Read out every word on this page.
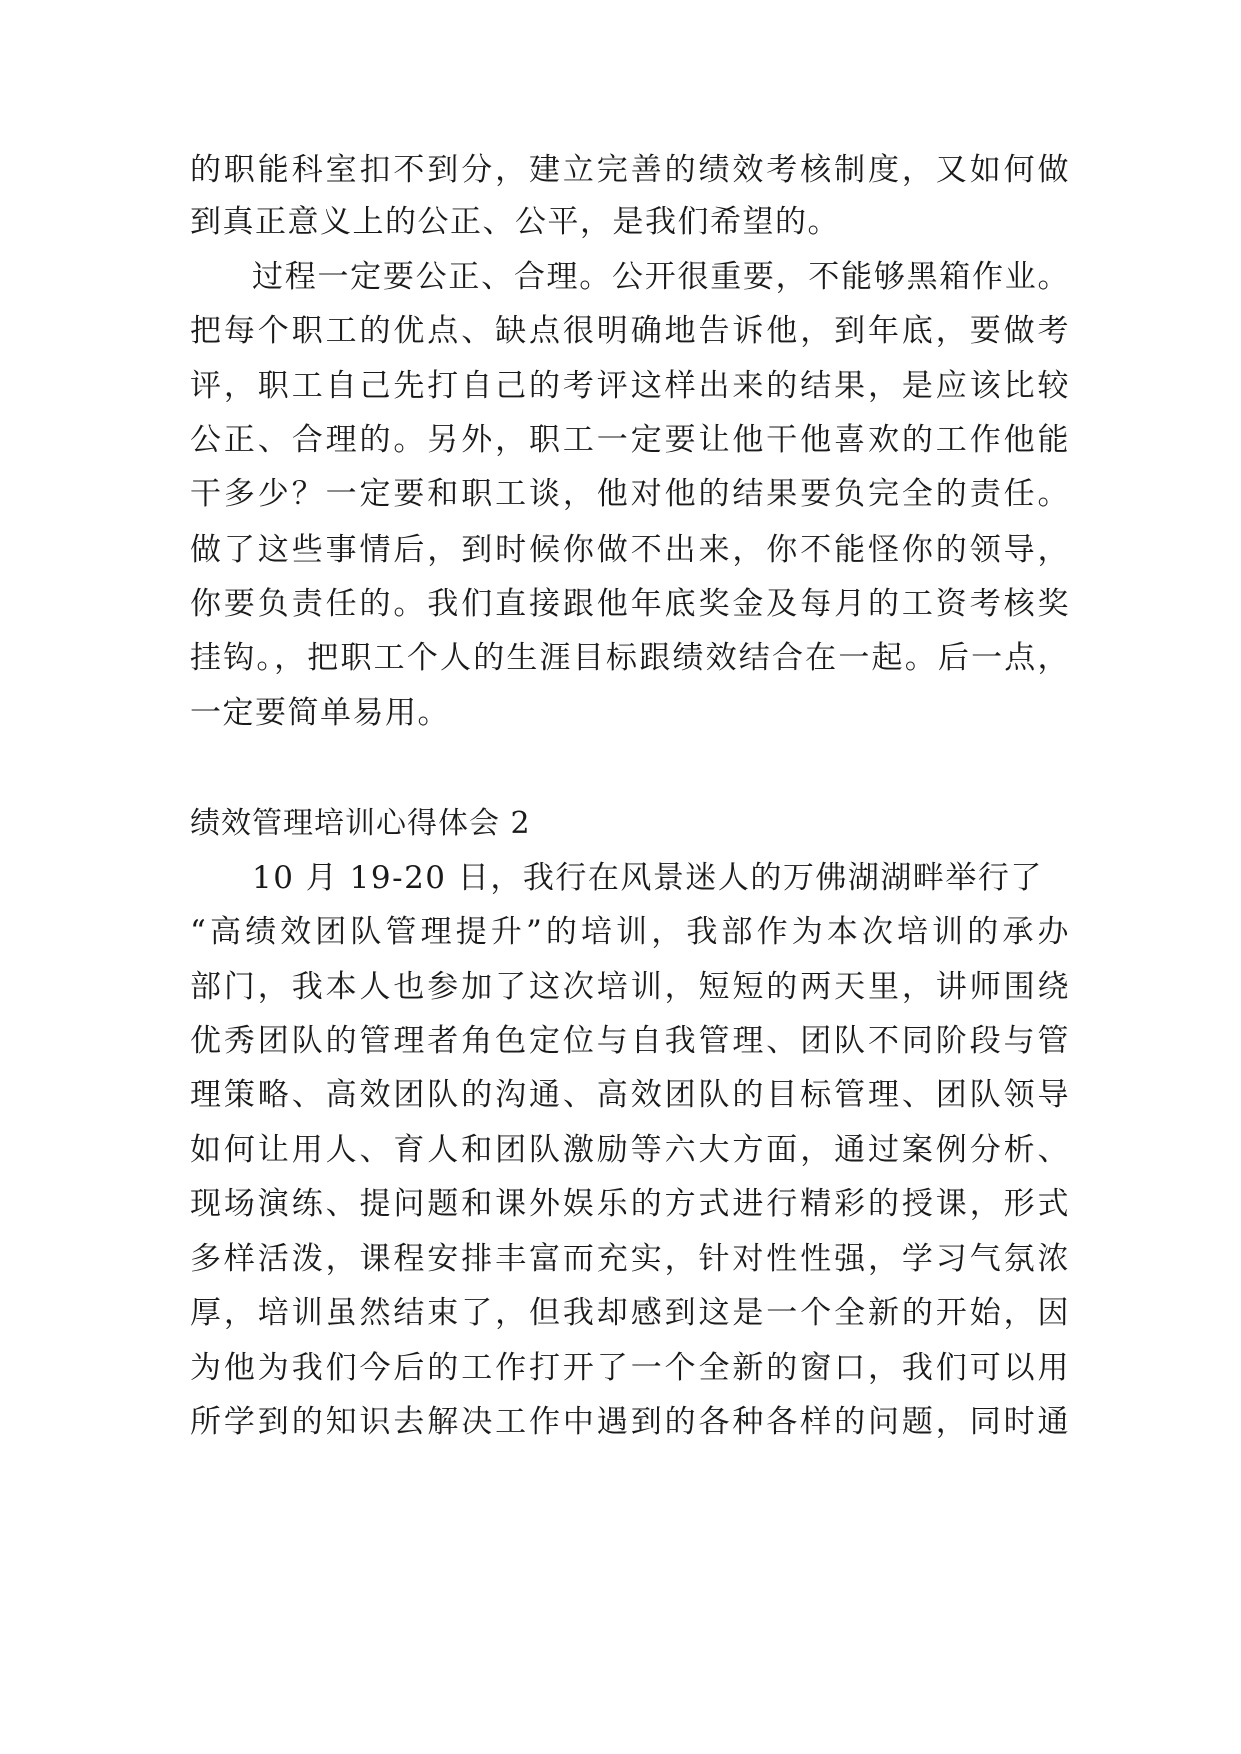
的职能科室扣不到分，建立完善的绩效考核制度，又如何做
到真正意义上的公正、公平，是我们希望的。
过程一定要公正、合理。公开很重要，不能够黑箱作业。
把每个职工的优点、缺点很明确地告诉他，到年底，要做考
评，职工自己先打自己的考评这样出来的结果，是应该比较
公正、合理的。另外，职工一定要让他干他喜欢的工作他能
干多少？一定要和职工谈，他对他的结果要负完全的责任。
做了这些事情后，到时候你做不出来，你不能怪你的领导，
你要负责任的。我们直接跟他年底奖金及每月的工资考核奖
挂钩。，把职工个人的生涯目标跟绩效结合在一起。后一点，
一定要简单易用。
绩效管理培训心得体会 2
10 月 19-20 日，我行在风景迷人的万佛湖湖畔举行了
“高绩效团队管理提升”的培训，我部作为本次培训的承办
部门，我本人也参加了这次培训，短短的两天里，讲师围绕
优秀团队的管理者角色定位与自我管理、团队不同阶段与管
理策略、高效团队的沟通、高效团队的目标管理、团队领导
如何让用人、育人和团队激励等六大方面，通过案例分析、
现场演练、提问题和课外娱乐的方式进行精彩的授课，形式
多样活泼，课程安排丰富而充实，针对性性强，学习气氛浓
厚，培训虽然结束了，但我却感到这是一个全新的开始，因
为他为我们今后的工作打开了一个全新的窗口，我们可以用
所学到的知识去解决工作中遇到的各种各样的问题，同时通
